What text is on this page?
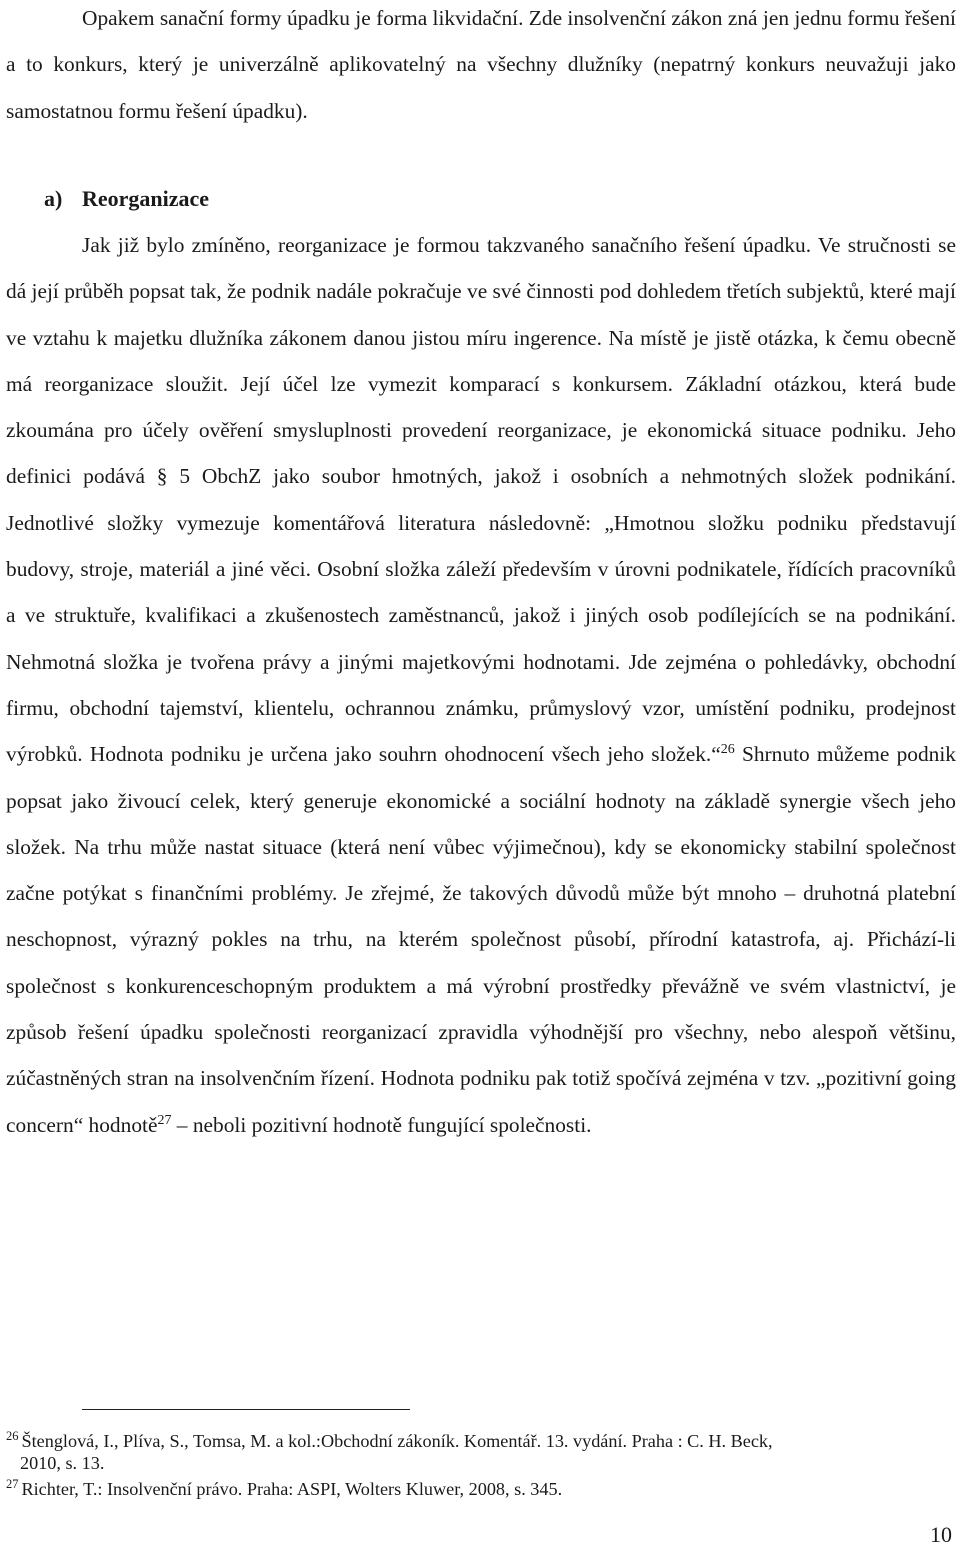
Opakem sanační formy úpadku je forma likvidační. Zde insolvenční zákon zná jen jednu formu řešení a to konkurs, který je univerzálně aplikovatelný na všechny dlužníky (nepatrný konkurs neuvažuji jako samostatnou formu řešení úpadku).

a) Reorganizace

Jak již bylo zmíněno, reorganizace je formou takzvaného sanačního řešení úpadku. Ve stručnosti se dá její průběh popsat tak, že podnik nadále pokračuje ve své činnosti pod dohledem třetích subjektů, které mají ve vztahu k majetku dlužníka zákonem danou jistou míru ingerence. Na místě je jistě otázka, k čemu obecně má reorganizace sloužit. Její účel lze vymezit komparací s konkursem. Základní otázkou, která bude zkoumána pro účely ověření smysluplnosti provedení reorganizace, je ekonomická situace podniku. Jeho definici podává § 5 ObchZ jako soubor hmotných, jakož i osobních a nehmotných složek podnikání. Jednotlivé složky vymezuje komentářová literatura následovně: „Hmotnou složku podniku představují budovy, stroje, materiál a jiné věci. Osobní složka záleží především v úrovni podnikatele, řídících pracovníků a ve struktuře, kvalifikaci a zkušenostech zaměstnanců, jakož i jiných osob podílejících se na podnikání. Nehmotná složka je tvořena právy a jinými majetkovými hodnotami. Jde zejména o pohledávky, obchodní firmu, obchodní tajemství, klientelu, ochrannou známku, průmyslový vzor, umístění podniku, prodejnost výrobků. Hodnota podniku je určena jako souhrn ohodnocení všech jeho složek.“$^{26}$ Shrnuto můžeme podnik popsat jako živoucí celek, který generuje ekonomické a sociální hodnoty na základě synergie všech jeho složek. Na trhu může nastat situace (která není vůbec výjimečnou), kdy se ekonomicky stabilní společnost začne potýkat s finančními problémy. Je zřejmé, že takových důvodů může být mnoho – druhotná platební neschopnost, výrazný pokles na trhu, na kterém společnost působí, přírodní katastrofa, aj. Přichází-li společnost s konkurenceschopným produktem a má výrobní prostředky převážně ve svém vlastnictví, je způsob řešení úpadku společnosti reorganizací zpravidla výhodnější pro všechny, nebo alespoň většinu, zúčastněných stran na insolvenčním řízení. Hodnota podniku pak totiž spočívá zejména v tzv. „pozitivní going concern“ hodnotě$^{27}$ – neboli pozitivní hodnotě fungující společnosti.

$^{26}$ Štenglová, I., Plíva, S., Tomsa, M. a kol.:Obchodní zákoník. Komentář. 13. vydání. Praha : C. H. Beck,
2010, s. 13.
$^{27}$ Richter, T.: Insolvenční právo. Praha: ASPI, Wolters Kluwer, 2008, s. 345.
10
